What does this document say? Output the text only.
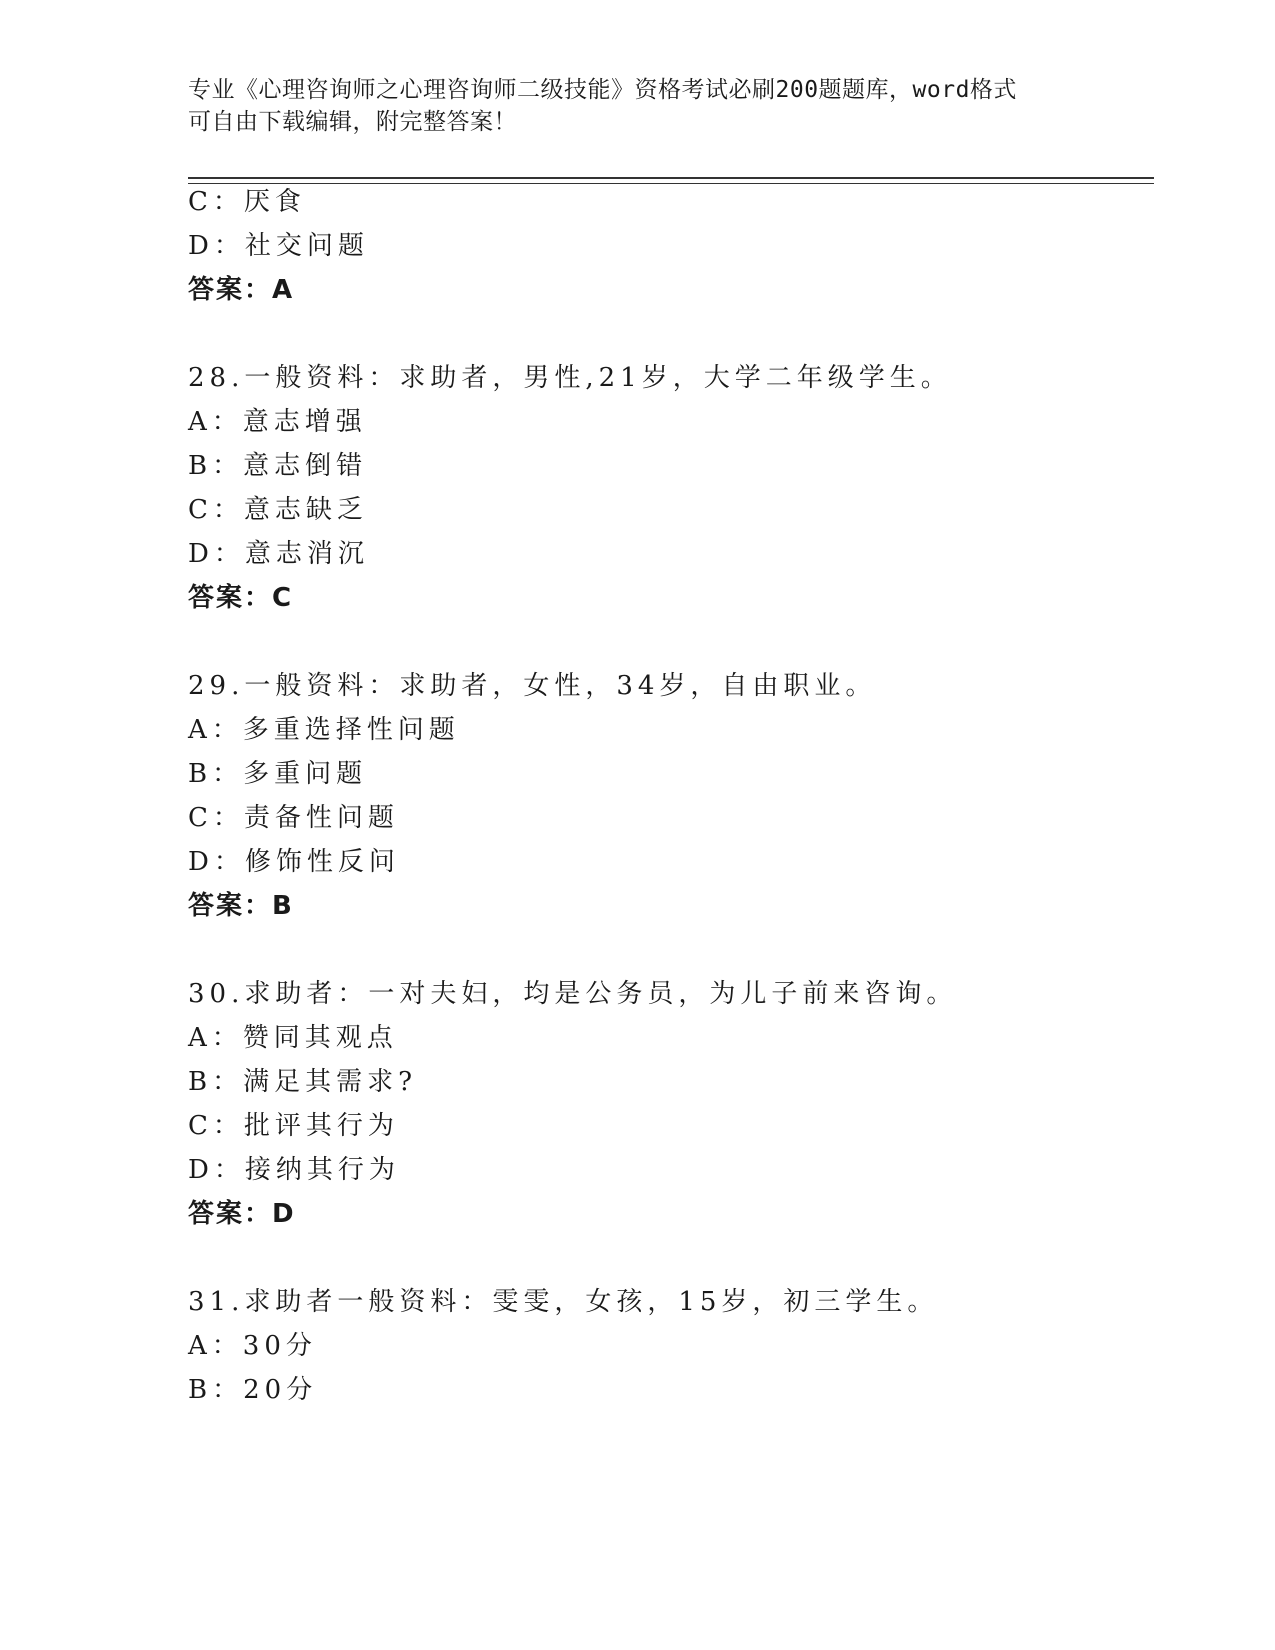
专业《心理咨询师之心理咨询师二级技能》资格考试必刷200题题库，word格式
可自由下载编辑，附完整答案！
C：厌食
D：社交问题
答案：A
28.一般资料：求助者，男性,21岁，大学二年级学生。
A：意志增强
B：意志倒错
C：意志缺乏
D：意志消沉
答案：C
29.一般资料：求助者，女性，34岁，自由职业。
A：多重选择性问题
B：多重问题
C：责备性问题
D：修饰性反问
答案：B
30.求助者：一对夫妇，均是公务员，为儿子前来咨询。
A：赞同其观点
B：满足其需求?
C：批评其行为
D：接纳其行为
答案：D
31.求助者一般资料：雯雯，女孩，15岁，初三学生。
A：30分
B：20分
